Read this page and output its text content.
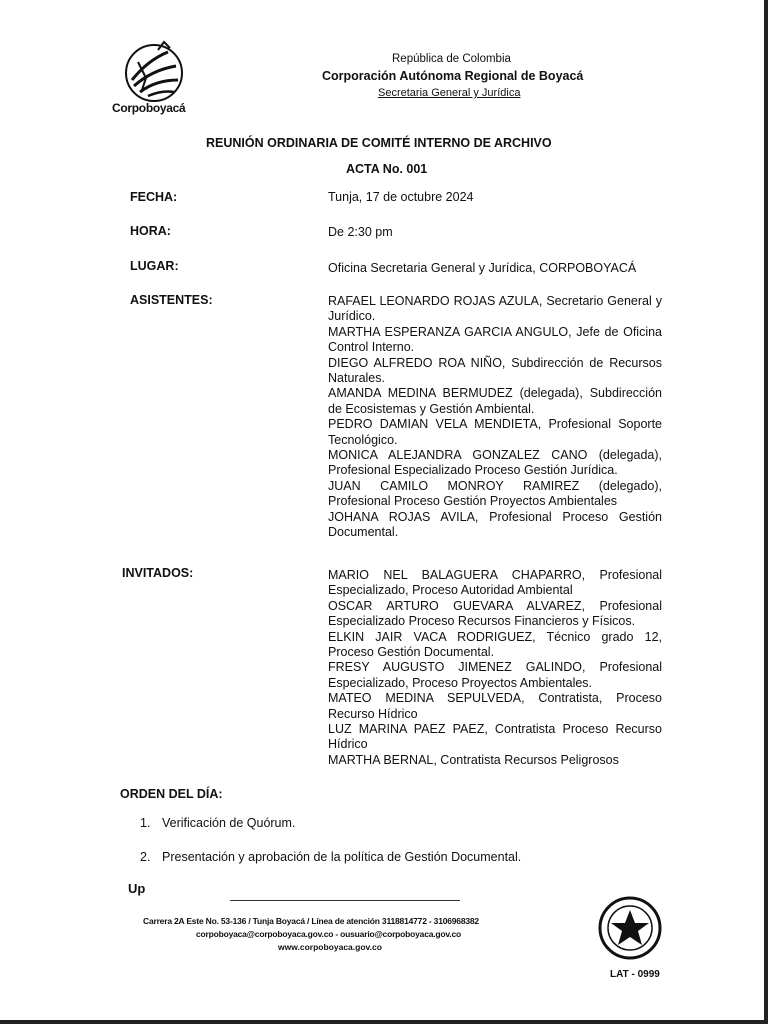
Corpoboyacá
República de Colombia
Corporación Autónoma Regional de Boyacá
Secretaria General y Jurídica
REUNIÓN ORDINARIA DE COMITÉ INTERNO DE ARCHIVO
ACTA No. 001
FECHA:	Tunja, 17 de octubre 2024
HORA:	De 2:30 pm
LUGAR:	Oficina Secretaria General y Jurídica, CORPOBOYACÁ
ASISTENTES:	RAFAEL LEONARDO ROJAS AZULA, Secretario General y Jurídico.
MARTHA ESPERANZA GARCIA ANGULO, Jefe de Oficina Control Interno.
DIEGO ALFREDO ROA NIÑO, Subdirección de Recursos Naturales.
AMANDA MEDINA BERMUDEZ (delegada), Subdirección de Ecosistemas y Gestión Ambiental.
PEDRO DAMIAN VELA MENDIETA, Profesional Soporte Tecnológico.
MONICA ALEJANDRA GONZALEZ CANO (delegada), Profesional Especializado Proceso Gestión Jurídica.
JUAN CAMILO MONROY RAMIREZ (delegado), Profesional Proceso Gestión Proyectos Ambientales
JOHANA ROJAS AVILA, Profesional Proceso Gestión Documental.
INVITADOS:	MARIO NEL BALAGUERA CHAPARRO, Profesional Especializado, Proceso Autoridad Ambiental
OSCAR ARTURO GUEVARA ALVAREZ, Profesional Especializado Proceso Recursos Financieros y Físicos.
ELKIN JAIR VACA RODRIGUEZ, Técnico grado 12, Proceso Gestión Documental.
FRESY AUGUSTO JIMENEZ GALINDO, Profesional Especializado, Proceso Proyectos Ambientales.
MATEO MEDINA SEPULVEDA, Contratista, Proceso Recurso Hídrico
LUZ MARINA PAEZ PAEZ, Contratista Proceso Recurso Hídrico
MARTHA BERNAL, Contratista Recursos Peligrosos
ORDEN DEL DÍA:
1. Verificación de Quórum.
2. Presentación y aprobación de la política de Gestión Documental.
Up
Carrera 2A Este No. 53-136 / Tunja Boyacá / Línea de atención 3118814772 - 3106968382
corpoboyaca@corpoboyaca.gov.co - ousuario@corpoboyaca.gov.co
www.corpoboyaca.gov.co
LAT - 0999
